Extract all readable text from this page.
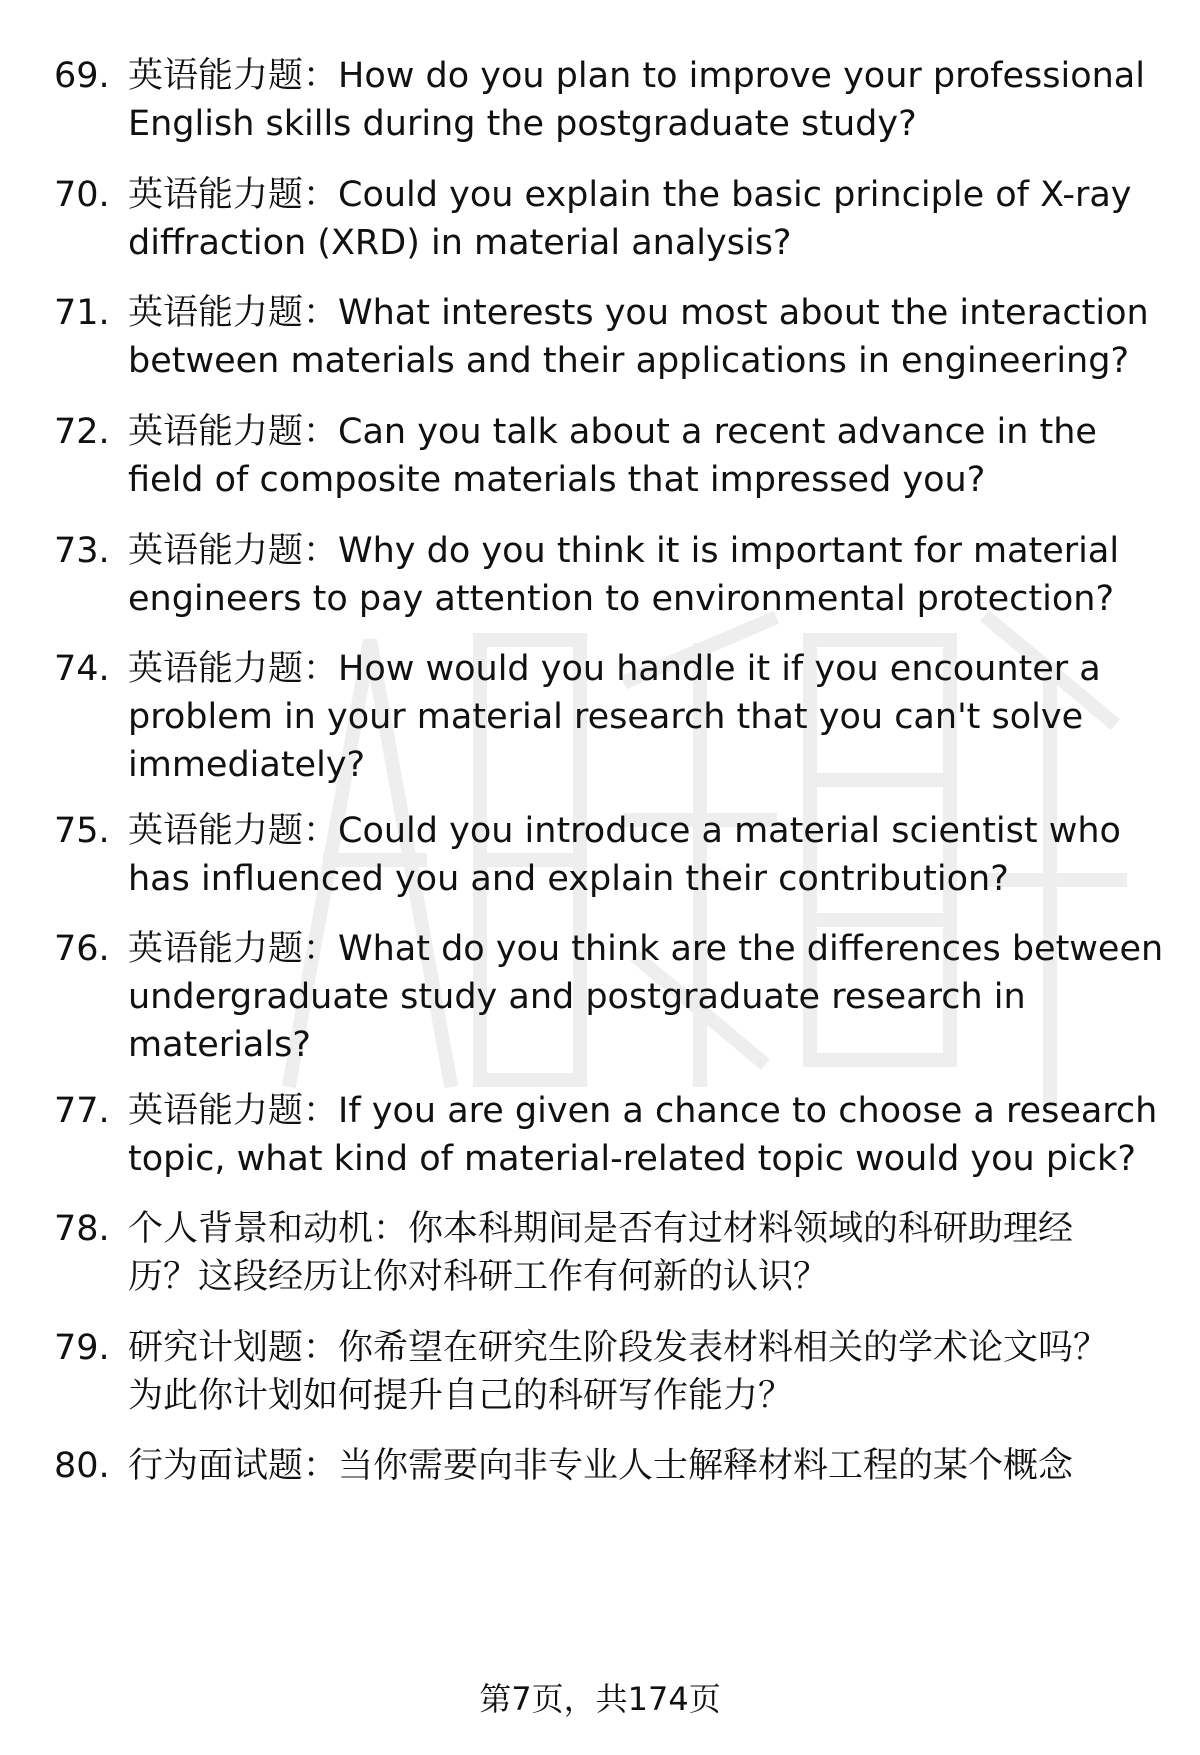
69. 英语能力题：How do you plan to improve your professional
English skills during the postgraduate study?
70. 英语能力题：Could you explain the basic principle of X-ray
diffraction (XRD) in material analysis?
71. 英语能力题：What interests you most about the interaction
between materials and their applications in engineering?
72. 英语能力题：Can you talk about a recent advance in the
field of composite materials that impressed you?
73. 英语能力题：Why do you think it is important for material
engineers to pay attention to environmental protection?
74. 英语能力题：How would you handle it if you encounter a
problem in your material research that you can't solve
immediately?
75. 英语能力题：Could you introduce a material scientist who
has influenced you and explain their contribution?
76. 英语能力题：What do you think are the differences between
undergraduate study and postgraduate research in
materials?
77. 英语能力题：If you are given a chance to choose a research
topic, what kind of material-related topic would you pick?
78. 个人背景和动机：你本科期间是否有过材料领域的科研助理经
历？这段经历让你对科研工作有何新的认识？
79. 研究计划题：你希望在研究生阶段发表材料相关的学术论文吗？
为此你计划如何提升自己的科研写作能力？
80. 行为面试题：当你需要向非专业人士解释材料工程的某个概念
第7页，共174页
